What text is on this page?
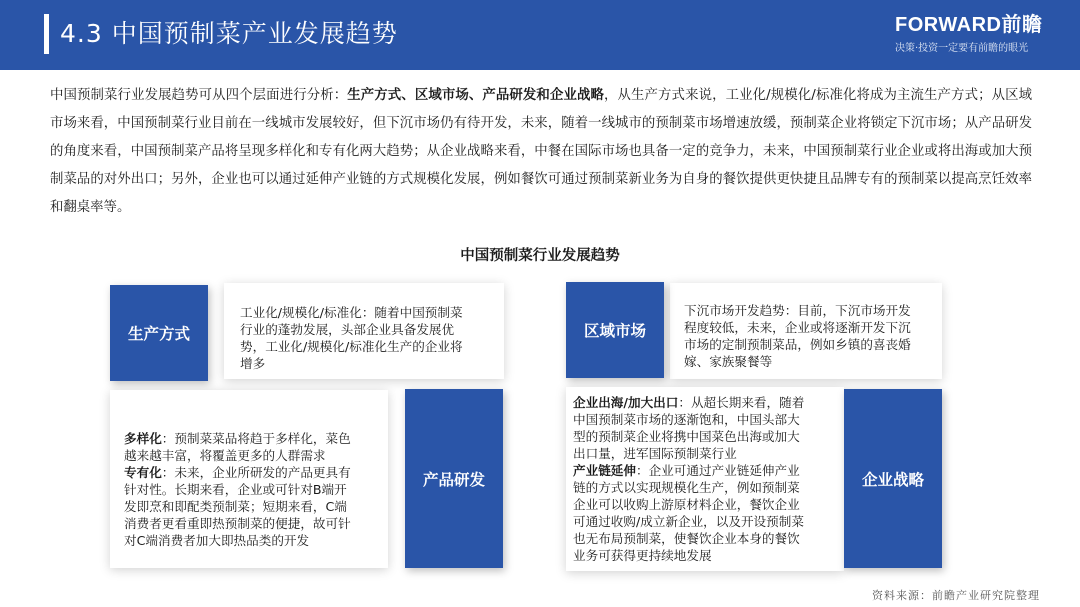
4.3 中国预制菜产业发展趋势	FORWARD前瞻
决策·投资一定要有前瞻的眼光
中国预制菜行业发展趋势可从四个层面进行分析：生产方式、区域市场、产品研发和企业战略，从生产方式来说，工业化/规模化/标准化将成为主流生产方式；从区域市场来看，中国预制菜行业目前在一线城市发展较好，但下沉市场仍有待开发，未来，随着一线城市的预制菜市场增速放缓，预制菜企业将锁定下沉市场；从产品研发的角度来看，中国预制菜产品将呈现多样化和专有化两大趋势；从企业战略来看，中餐在国际市场也具备一定的竞争力，未来，中国预制菜行业企业或将出海或加大预制菜品的对外出口；另外，企业也可以通过延伸产业链的方式规模化发展，例如餐饮可通过预制菜新业务为自身的餐饮提供更快捷且品牌专有的预制菜以提高烹饪效率和翻桌率等。
中国预制菜行业发展趋势
工业化/规模化/标准化：随着中国预制菜
行业的蓬勃发展，头部企业具备发展优
势，工业化/规模化/标准化生产的企业将
增多
生产方式
下沉市场开发趋势：目前，下沉市场开发
程度较低，未来，企业或将逐渐开发下沉
市场的定制预制菜品，例如乡镇的喜丧婚
嫁、家族聚餐等
区域市场
多样化：预制菜菜品将趋于多样化，菜色
越来越丰富，将覆盖更多的人群需求
专有化：未来，企业所研发的产品更具有
针对性。长期来看，企业或可针对B端开
发即烹和即配类预制菜；短期来看，C端
消费者更看重即热预制菜的便捷，故可针
对C端消费者加大即热品类的开发
产品研发
企业出海/加大出口：从超长期来看，随着
中国预制菜市场的逐渐饱和，中国头部大
型的预制菜企业将携中国菜色出海或加大
出口量，进军国际预制菜行业
产业链延伸：企业可通过产业链延伸产业
链的方式以实现规模化生产，例如预制菜
企业可以收购上游原材料企业，餐饮企业
可通过收购/成立新企业，以及开设预制菜
也无布局预制菜，使餐饮企业本身的餐饮
业务可获得更持续地发展
企业战略
资料来源：前瞻产业研究院整理
